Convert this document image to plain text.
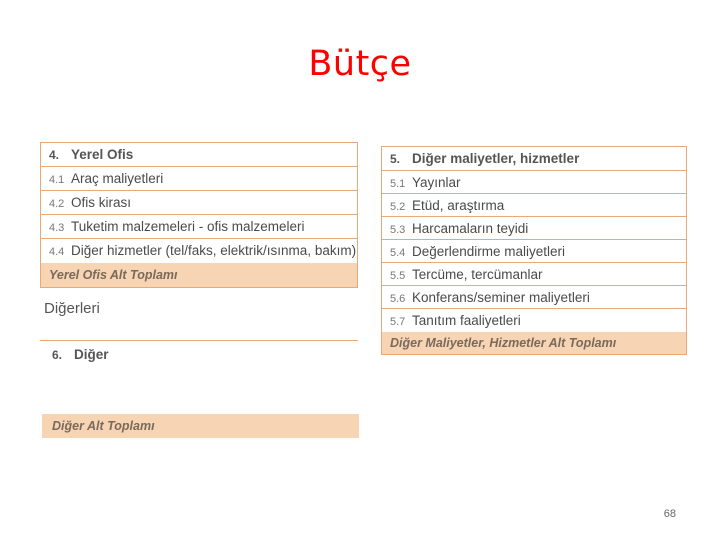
Bütçe
4. Yerel Ofis
4.1 Araç maliyetleri
4.2 Ofis kirası
4.3 Tuketim malzemeleri - ofis malzemeleri
4.4 Diğer hizmetler (tel/faks, elektrik/ısınma, bakım)
Yerel Ofis Alt Toplamı
Diğerleri
6. Diğer
Diğer Alt Toplamı
5. Diğer maliyetler, hizmetler
5.1 Yayınlar
5.2 Etüd, araştırma
5.3 Harcamaların teyidi
5.4 Değerlendirme maliyetleri
5.5 Tercüme, tercümanlar
5.6 Konferans/seminer maliyetleri
5.7 Tanıtım faaliyetleri
Diğer Maliyetler, Hizmetler Alt Toplamı
68
